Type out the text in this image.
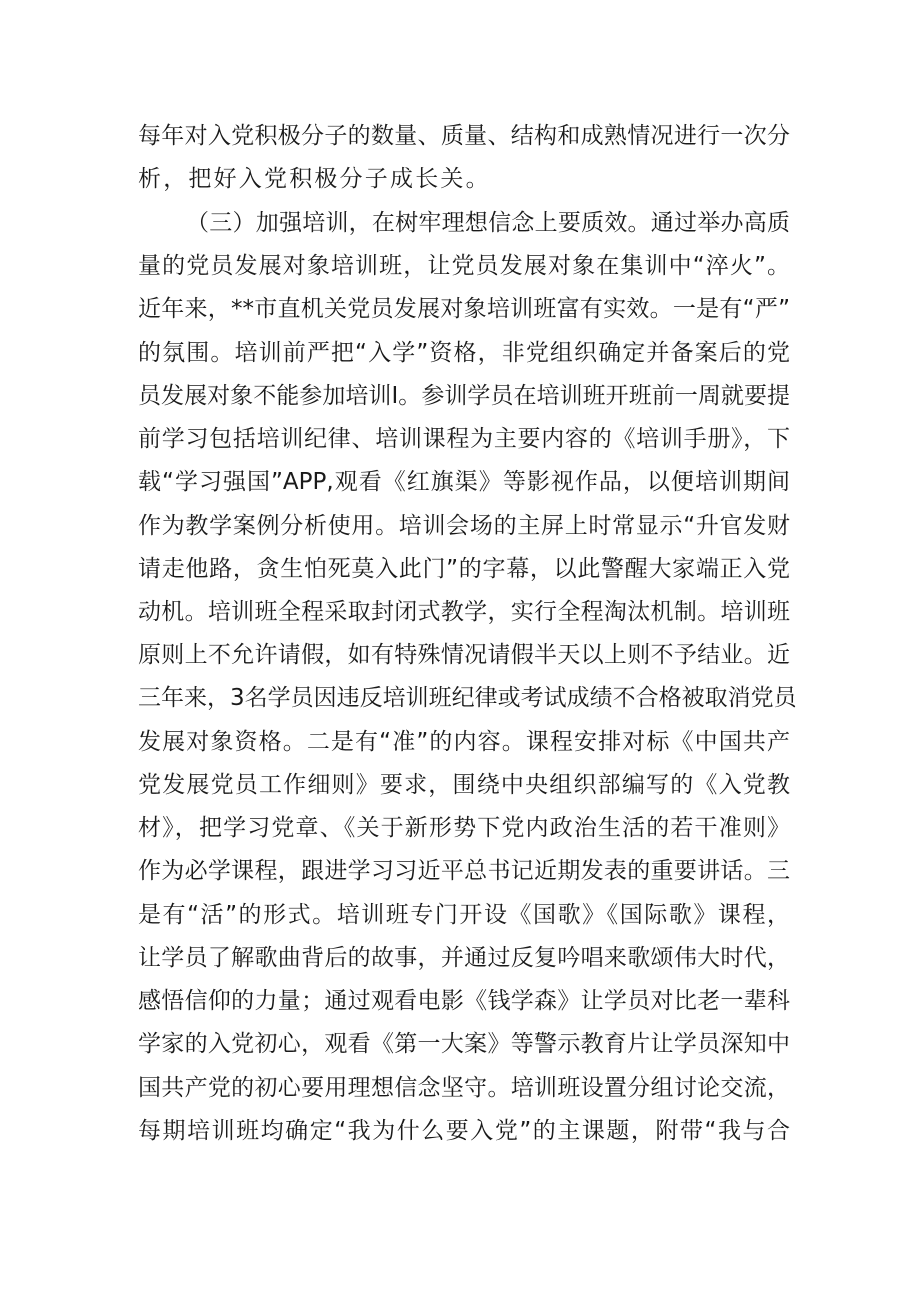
每年对入党积极分子的数量、质量、结构和成熟情况进行一次分
析，把好入党积极分子成长关。
（三）加强培训，在树牢理想信念上要质效。通过举办高质
量的党员发展对象培训班，让党员发展对象在集训中“淬火”。
近年来，**市直机关党员发展对象培训班富有实效。一是有“严”
的氛围。培训前严把“入学”资格，非党组织确定并备案后的党
员发展对象不能参加培训I。参训学员在培训班开班前一周就要提
前学习包括培训纪律、培训课程为主要内容的《培训手册》，下
载“学习强国”APP,观看《红旗渠》等影视作品，以便培训期间
作为教学案例分析使用。培训会场的主屏上时常显示“升官发财
请走他路，贪生怕死莫入此门”的字幕，以此警醒大家端正入党
动机。培训班全程采取封闭式教学，实行全程淘汰机制。培训班
原则上不允许请假，如有特殊情况请假半天以上则不予结业。近
三年来，3名学员因违反培训班纪律或考试成绩不合格被取消党员
发展对象资格。二是有“准”的内容。课程安排对标《中国共产
党发展党员工作细则》要求，围绕中央组织部编写的《入党教
材》，把学习党章、《关于新形势下党内政治生活的若干准则》
作为必学课程，跟进学习习近平总书记近期发表的重要讲话。三
是有“活”的形式。培训班专门开设《国歌》《国际歌》课程，
让学员了解歌曲背后的故事，并通过反复吟唱来歌颂伟大时代，
感悟信仰的力量；通过观看电影《钱学森》让学员对比老一辈科
学家的入党初心，观看《第一大案》等警示教育片让学员深知中
国共产党的初心要用理想信念坚守。培训班设置分组讨论交流，
每期培训班均确定“我为什么要入党”的主课题，附带“我与合
